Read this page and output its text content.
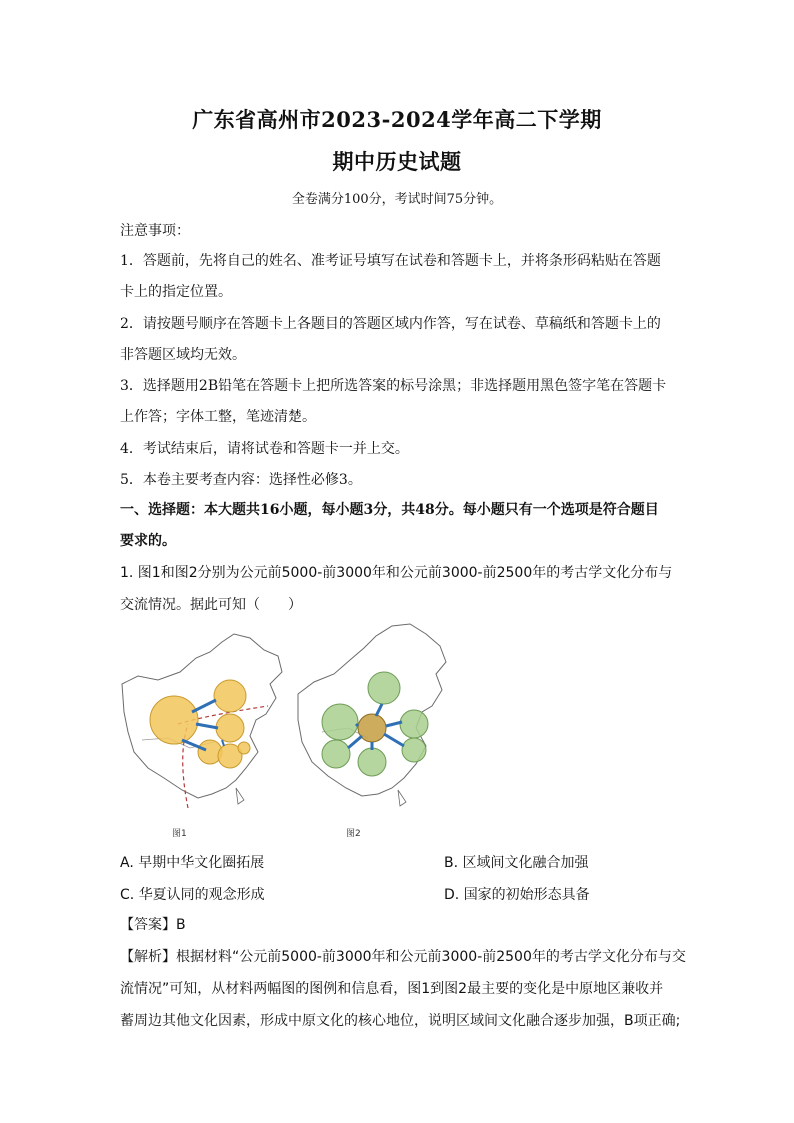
广东省高州市2023-2024学年高二下学期
期中历史试题
全卷满分100分，考试时间75分钟。
注意事项：
1．答题前，先将自己的姓名、准考证号填写在试卷和答题卡上，并将条形码粘贴在答题
卡上的指定位置。
2．请按题号顺序在答题卡上各题目的答题区域内作答，写在试卷、草稿纸和答题卡上的
非答题区域均无效。
3．选择题用2B铅笔在答题卡上把所选答案的标号涂黑；非选择题用黑色签字笔在答题卡
上作答；字体工整，笔迹清楚。
4．考试结束后，请将试卷和答题卡一并上交。
5．本卷主要考查内容：选择性必修3。
一、选择题：本大题共16小题，每小题3分，共48分。每小题只有一个选项是符合题目
要求的。
1. 图1和图2分别为公元前5000-前3000年和公元前3000-前2500年的考古学文化分布与
交流情况。据此可知（　　）
图1	图2
A. 早期中华文化圈拓展	B. 区域间文化融合加强
C. 华夏认同的观念形成	D. 国家的初始形态具备
【答案】B
【解析】根据材料“公元前5000-前3000年和公元前3000-前2500年的考古学文化分布与交
流情况”可知，从材料两幅图的图例和信息看，图1到图2最主要的变化是中原地区兼收并
蓄周边其他文化因素，形成中原文化的核心地位，说明区域间文化融合逐步加强，B项正确;
